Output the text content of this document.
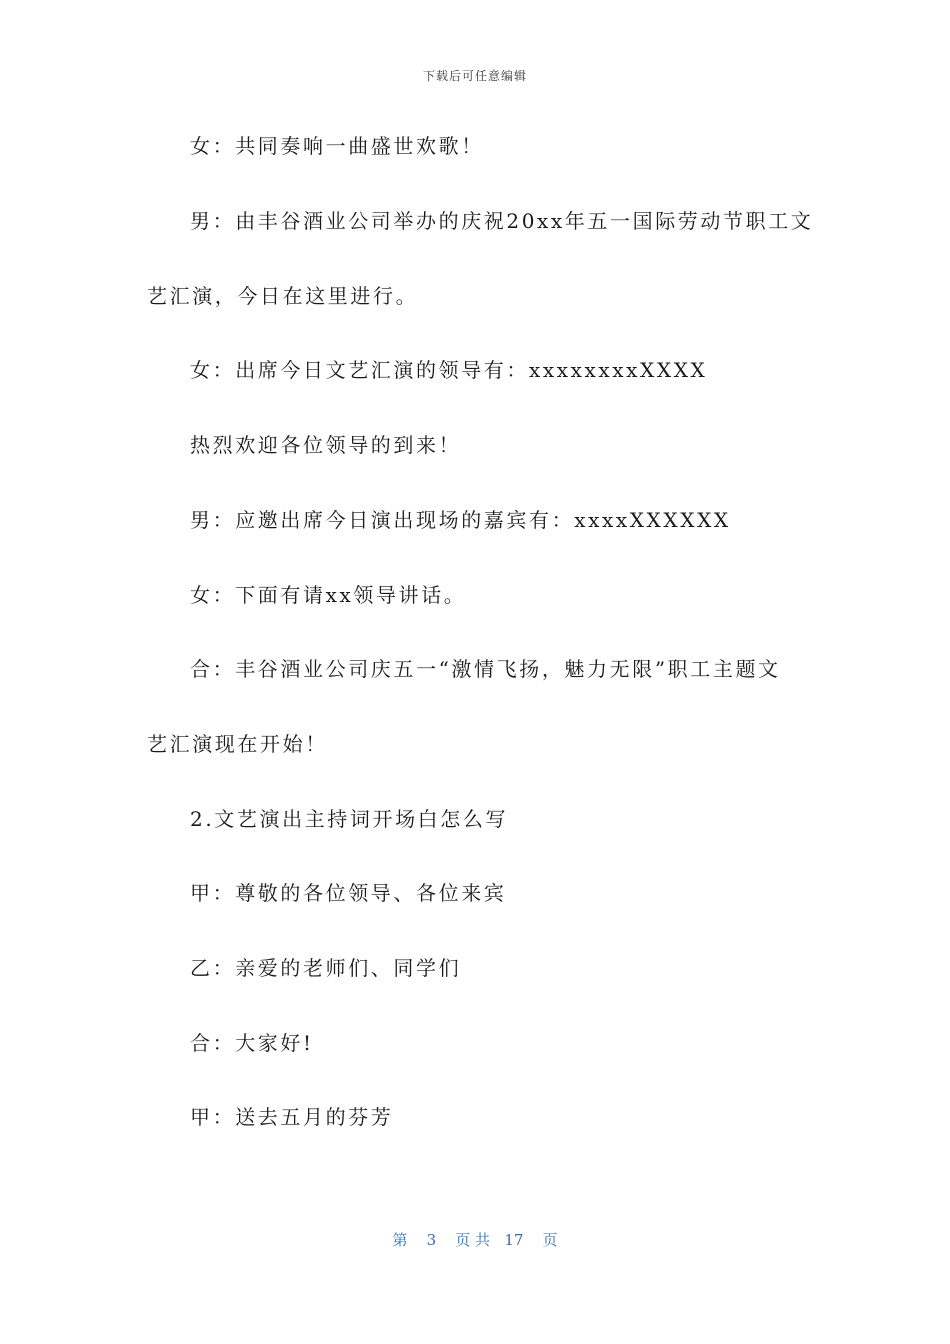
下载后可任意编辑
女：共同奏响一曲盛世欢歌！
男：由丰谷酒业公司举办的庆祝20xx年五一国际劳动节职工文
艺汇演，今日在这里进行。
女：出席今日文艺汇演的领导有：xxxxxxxxXXXX
热烈欢迎各位领导的到来！
男：应邀出席今日演出现场的嘉宾有：xxxxXXXXXX
女：下面有请xx领导讲话。
合：丰谷酒业公司庆五一“激情飞扬，魅力无限”职工主题文
艺汇演现在开始！
2.文艺演出主持词开场白怎么写
甲：尊敬的各位领导、各位来宾
乙：亲爱的老师们、同学们
合：大家好!
甲：送去五月的芬芳
第 3 页 共 17 页
